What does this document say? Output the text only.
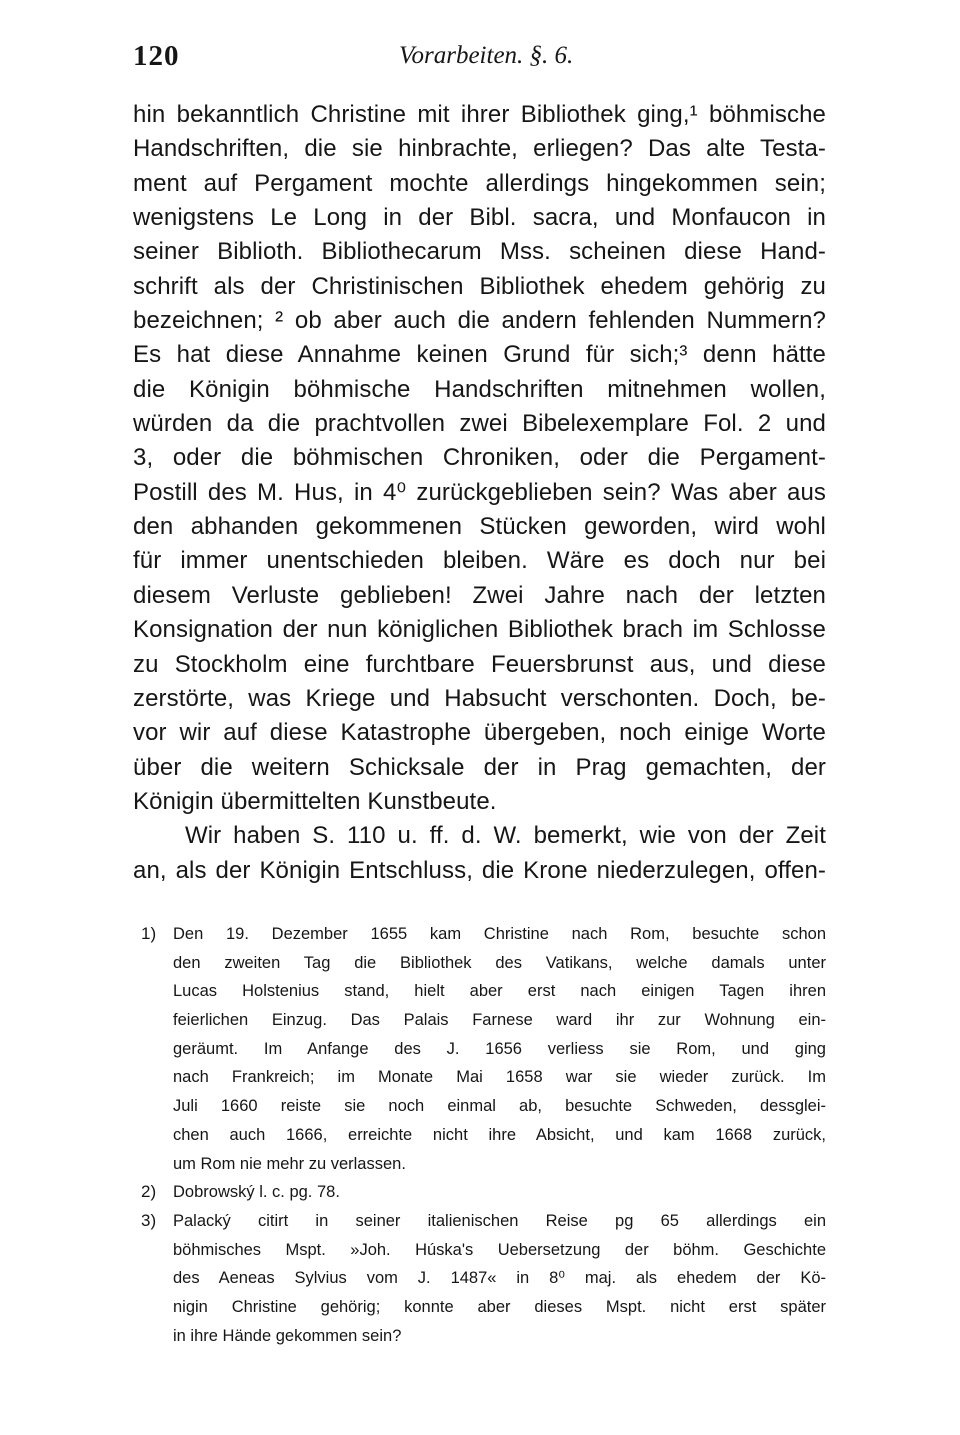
120	Vorarbeiten. §. 6.
hin bekanntlich Christine mit ihrer Bibliothek ging,¹ böhmische
Handschriften, die sie hinbrachte, erliegen? Das alte Testa-
ment auf Pergament mochte allerdings hingekommen sein;
wenigstens Le Long in der Bibl. sacra, und Monfaucon in
seiner Biblioth. Bibliothecarum Mss. scheinen diese Hand-
schrift als der Christinischen Bibliothek ehedem gehörig zu
bezeichnen; ² ob aber auch die andern fehlenden Nummern?
Es hat diese Annahme keinen Grund für sich;³ denn hätte
die Königin böhmische Handschriften mitnehmen wollen,
würden da die prachtvollen zwei Bibelexemplare Fol. 2 und
3, oder die böhmischen Chroniken, oder die Pergament-
Postill des M. Hus, in 4⁰ zurückgeblieben sein? Was aber aus
den abhanden gekommenen Stücken geworden, wird wohl
für immer unentschieden bleiben. Wäre es doch nur bei
diesem Verluste geblieben! Zwei Jahre nach der letzten
Konsignation der nun königlichen Bibliothek brach im Schlosse
zu Stockholm eine furchtbare Feuersbrunst aus, und diese
zerstörte, was Kriege und Habsucht verschonten. Doch, be-
vor wir auf diese Katastrophe übergeben, noch einige Worte
über die weitern Schicksale der in Prag gemachten, der
Königin übermittelten Kunstbeute.
Wir haben S. 110 u. ff. d. W. bemerkt, wie von der Zeit
an, als der Königin Entschluss, die Krone niederzulegen, offen-
1) Den 19. Dezember 1655 kam Christine nach Rom, besuchte schon
den zweiten Tag die Bibliothek des Vatikans, welche damals unter
Lucas Holstenius stand, hielt aber erst nach einigen Tagen ihren
feierlichen Einzug. Das Palais Farnese ward ihr zur Wohnung ein-
geräumt. Im Anfange des J. 1656 verliess sie Rom, und ging
nach Frankreich; im Monate Mai 1658 war sie wieder zurück. Im
Juli 1660 reiste sie noch einmal ab, besuchte Schweden, dessglei-
chen auch 1666, erreichte nicht ihre Absicht, und kam 1668 zurück,
um Rom nie mehr zu verlassen.
2) Dobrowský l. c. pg. 78.
3) Palacký citirt in seiner italienischen Reise pg 65 allerdings ein
böhmisches Mspt. »Joh. Húska's Uebersetzung der böhm. Geschichte
des Aeneas Sylvius vom J. 1487« in 8⁰ maj. als ehedem der Kö-
nigin Christine gehörig; konnte aber dieses Mspt. nicht erst später
in ihre Hände gekommen sein?
